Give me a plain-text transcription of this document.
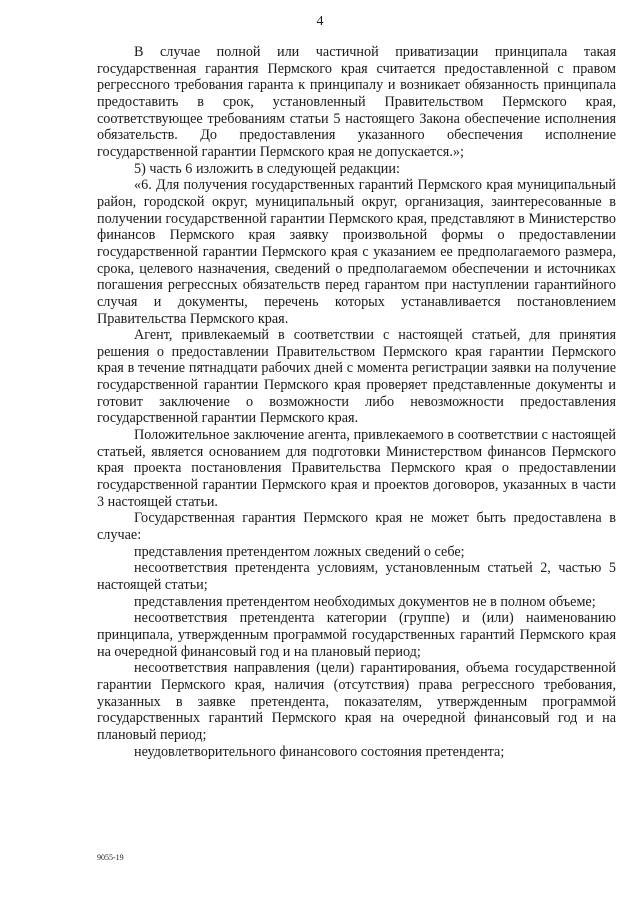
4

В случае полной или частичной приватизации принципала такая государственная гарантия Пермского края считается предоставленной с правом регрессного требования гаранта к принципалу и возникает обязанность принципала предоставить в срок, установленный Правительством Пермского края, соответствующее требованиям статьи 5 настоящего Закона обеспечение исполнения обязательств. До предоставления указанного обеспечения исполнение государственной гарантии Пермского края не допускается.»;

5) часть 6 изложить в следующей редакции:

«6. Для получения государственных гарантий Пермского края муниципальный район, городской округ, муниципальный округ, организация, заинтересованные в получении государственной гарантии Пермского края, представляют в Министерство финансов Пермского края заявку произвольной формы о предоставлении государственной гарантии Пермского края с указанием ее предполагаемого размера, срока, целевого назначения, сведений о предполагаемом обеспечении и источниках погашения регрессных обязательств перед гарантом при наступлении гарантийного случая и документы, перечень которых устанавливается постановлением Правительства Пермского края.

Агент, привлекаемый в соответствии с настоящей статьей, для принятия решения о предоставлении Правительством Пермского края гарантии Пермского края в течение пятнадцати рабочих дней с момента регистрации заявки на получение государственной гарантии Пермского края проверяет представленные документы и готовит заключение о возможности либо невозможности предоставления государственной гарантии Пермского края.

Положительное заключение агента, привлекаемого в соответствии с настоящей статьей, является основанием для подготовки Министерством финансов Пермского края проекта постановления Правительства Пермского края о предоставлении государственной гарантии Пермского края и проектов договоров, указанных в части 3 настоящей статьи.

Государственная гарантия Пермского края не может быть предоставлена в случае:

представления претендентом ложных сведений о себе;

несоответствия претендента условиям, установленным статьей 2, частью 5 настоящей статьи;

представления претендентом необходимых документов не в полном объеме;

несоответствия претендента категории (группе) и (или) наименованию принципала, утвержденным программой государственных гарантий Пермского края на очередной финансовый год и на плановый период;

несоответствия направления (цели) гарантирования, объема государственной гарантии Пермского края, наличия (отсутствия) права регрессного требования, указанных в заявке претендента, показателям, утвержденным программой государственных гарантий Пермского края на очередной финансовый год и на плановый период;

неудовлетворительного финансового состояния претендента;

9055-19
